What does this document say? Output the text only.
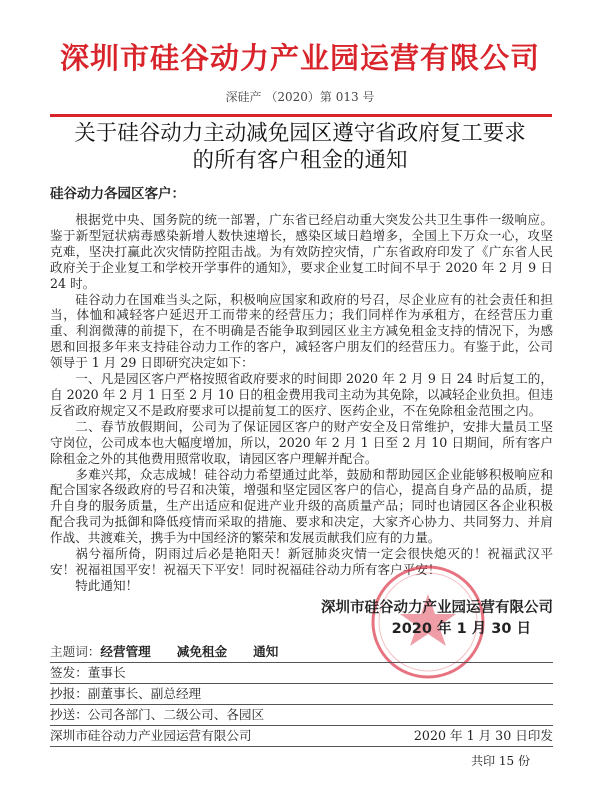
深圳市硅谷动力产业园运营有限公司
深硅产 （2020）第 013 号
关于硅谷动力主动减免园区遵守省政府复工要求
的所有客户租金的通知
硅谷动力各园区客户：

根据党中央、国务院的统一部署，广东省已经启动重大突发公共卫生事件一级响应。鉴于新型冠状病毒感染新增人数快速增长，感染区域日趋增多，全国上下万众一心，攻坚克难，坚决打赢此次灾情防控阻击战。为有效防控灾情，广东省政府印发了《广东省人民政府关于企业复工和学校开学事件的通知》，要求企业复工时间不早于 2020 年 2 月 9 日 24 时。

硅谷动力在国难当头之际，积极响应国家和政府的号召，尽企业应有的社会责任和担当，体恤和减轻客户延迟开工而带来的经营压力；我们同样作为承租方，在经营压力重重、利润微薄的前提下，在不明确是否能争取到园区业主方减免租金支持的情况下，为感恩和回报多年来支持硅谷动力工作的客户，减轻客户朋友们的经营压力。有鉴于此，公司领导于 1 月 29 日即研究决定如下：

一、凡是园区客户严格按照省政府要求的时间即 2020 年 2 月 9 日 24 时后复工的，自 2020 年 2 月 1 日至 2 月 10 日的租金费用我司主动为其免除，以减轻企业负担。但违反省政府规定又不是政府要求可以提前复工的医疗、医药企业，不在免除租金范围之内。

二、春节放假期间，公司为了保证园区客户的财产安全及日常维护，安排大量员工坚守岗位，公司成本也大幅度增加，所以，2020 年 2 月 1 日至 2 月 10 日期间，所有客户除租金之外的其他费用照常收取，请园区客户理解并配合。

多难兴邦，众志成城！硅谷动力希望通过此举，鼓励和帮助园区企业能够积极响应和配合国家各级政府的号召和决策，增强和坚定园区客户的信心，提高自身产品的品质，提升自身的服务质量，生产出适应和促进产业升级的高质量产品；同时也请园区各企业积极配合我司为抵御和降低疫情而采取的措施、要求和决定，大家齐心协力、共同努力、并肩作战、共渡难关，携手为中国经济的繁荣和发展贡献我们应有的力量。

祸兮福所倚，阴雨过后必是艳阳天！新冠肺炎灾情一定会很快熄灭的！祝福武汉平安！祝福祖国平安！祝福天下平安！同时祝福硅谷动力所有客户平安！

特此通知！

深圳市硅谷动力产业园运营有限公司
2020 年 1 月 30 日
主题词：经营管理 减免租金 通知
签发：董事长
抄报：副董事长、副总经理
抄送：公司各部门、二级公司、各园区
深圳市硅谷动力产业园运营有限公司	2020 年 1 月 30 日印发
共印 15 份
